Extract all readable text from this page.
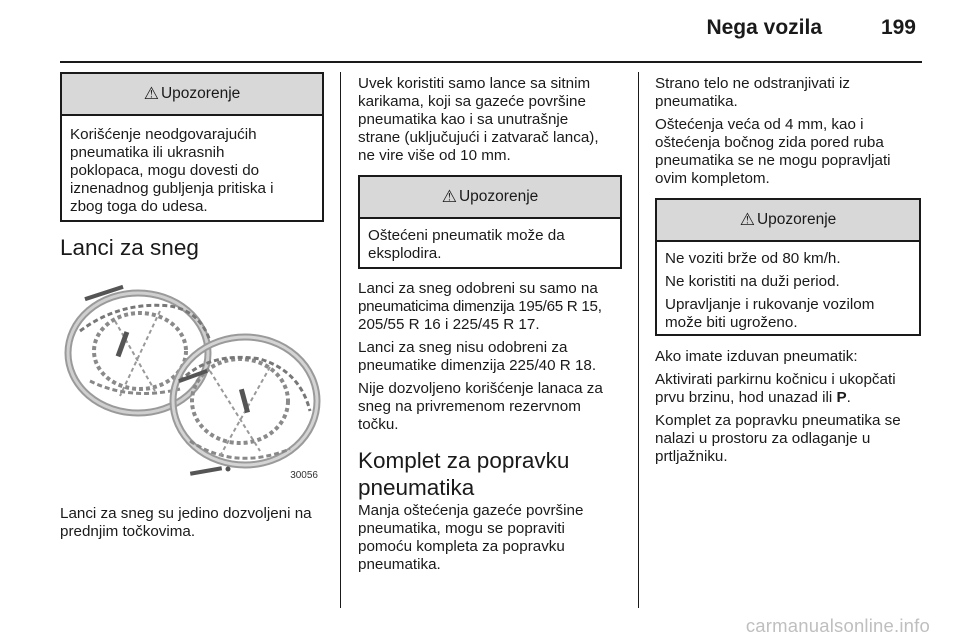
Nega vozila	199
⚠ Upozorenje
Korišćenje neodgovarajućih
pneumatika ili ukrasnih
poklopaca, mogu dovesti do
iznenadnog gubljenja pritiska i
zbog toga do udesa.
Lanci za sneg
30056
Lanci za sneg su jedino dozvoljeni na
prednjim točkovima.
Uvek koristiti samo lance sa sitnim
karikama, koji sa gazeće površine
pneumatika kao i sa unutrašnje
strane (uključujući i zatvarač lanca),
ne vire više od 10 mm.
⚠ Upozorenje
Oštećeni pneumatik može da
eksplodira.
Lanci za sneg odobreni su samo na
pneumaticima dimenzija 195/65 R 15,
205/55 R 16 i 225/45 R 17.
Lanci za sneg nisu odobreni za
pneumatike dimenzija 225/40 R 18.
Nije dozvoljeno korišćenje lanaca za
sneg na privremenom rezervnom
točku.
Komplet za popravku
pneumatika
Manja oštećenja gazeće površine
pneumatika, mogu se popraviti
pomoću kompleta za popravku
pneumatika.
Strano telo ne odstranjivati iz
pneumatika.
Oštećenja veća od 4 mm, kao i
oštećenja bočnog zida pored ruba
pneumatika se ne mogu popravljati
ovim kompletom.
⚠ Upozorenje

Ne voziti brže od 80 km/h.

Ne koristiti na duži period.

Upravljanje i rukovanje vozilom
može biti ugroženo.
Ako imate izduvan pneumatik:
Aktivirati parkirnu kočnicu i ukopčati
prvu brzinu, hod unazad ili P.
Komplet za popravku pneumatika se
nalazi u prostoru za odlaganje u
prtljažniku.
carmanualsonline.info
